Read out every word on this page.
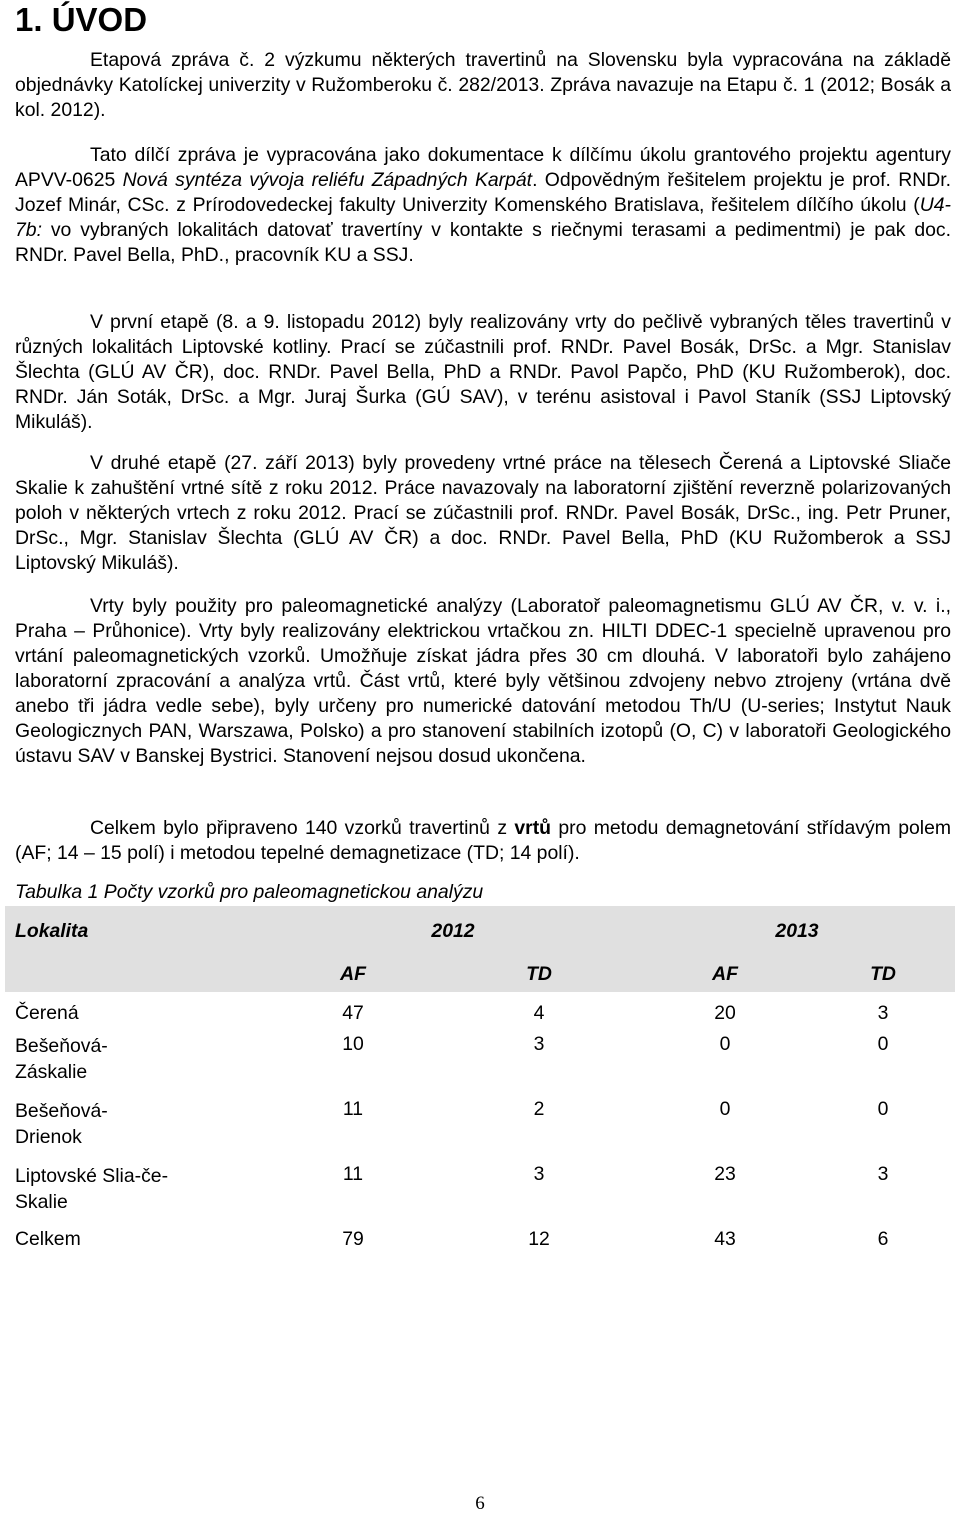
1. ÚVOD

Etapová zpráva č. 2 výzkumu některých travertinů na Slovensku byla vypracována na základě objednávky Katolíckej univerzity v Ružomberoku č. 282/2013. Zpráva navazuje na Etapu č. 1 (2012; Bosák a kol. 2012).

Tato dílčí zpráva je vypracována jako dokumentace k dílčímu úkolu grantového projektu agentury APVV-0625 Nová syntéza vývoja reliéfu Západných Karpát. Odpovědným řešitelem projektu je prof. RNDr. Jozef Minár, CSc. z Prírodovedeckej fakulty Univerzity Komenského Bratislava, řešitelem dílčího úkolu (U4-7b: vo vybraných lokalitách datovať travertíny v kontakte s riečnymi terasami a pedimentmi) je pak doc. RNDr. Pavel Bella, PhD., pracovník KU a SSJ.

V první etapě (8. a 9. listopadu 2012) byly realizovány vrty do pečlivě vybraných těles travertinů v různých lokalitách Liptovské kotliny. Prací se zúčastnili prof. RNDr. Pavel Bosák, DrSc. a Mgr. Stanislav Šlechta (GLÚ AV ČR), doc. RNDr. Pavel Bella, PhD a RNDr. Pavol Papčo, PhD (KU Ružomberok), doc. RNDr. Ján Soták, DrSc. a Mgr. Juraj Šurka (GÚ SAV), v terénu asistoval i Pavol Staník (SSJ Liptovský Mikuláš).

V druhé etapě (27. září 2013) byly provedeny vrtné práce na tělesech Čerená a Liptovské Sliače Skalie k zahuštění vrtné sítě z roku 2012. Práce navazovaly na laboratorní zjištění reverzně polarizovaných poloh v některých vrtech z roku 2012. Prací se zúčastnili prof. RNDr. Pavel Bosák, DrSc., ing. Petr Pruner, DrSc., Mgr. Stanislav Šlechta (GLÚ AV ČR) a doc. RNDr. Pavel Bella, PhD (KU Ružomberok a SSJ Liptovský Mikuláš).

Vrty byly použity pro paleomagnetické analýzy (Laboratoř paleomagnetismu GLÚ AV ČR, v. v. i., Praha – Průhonice). Vrty byly realizovány elektrickou vrtačkou zn. HILTI DDEC-1 specielně upravenou pro vrtání paleomagnetických vzorků. Umožňuje získat jádra přes 30 cm dlouhá. V laboratoři bylo zahájeno laboratorní zpracování a analýza vrtů. Část vrtů, které byly většinou zdvojeny nebvo ztrojeny (vrtána dvě anebo tři jádra vedle sebe), byly určeny pro numerické datování metodou Th/U (U-series; Instytut Nauk Geologicznych PAN, Warszawa, Polsko) a pro stanovení stabilních izotopů (O, C) v laboratoři Geologického ústavu SAV v Banskej Bystrici. Stanovení nejsou dosud ukončena.

Celkem bylo připraveno 140 vzorků travertinů z vrtů pro metodu demagnetování střídavým polem (AF; 14 – 15 polí) i metodou tepelné demagnetizace (TD; 14 polí).

Tabulka 1 Počty vzorků pro paleomagnetickou analýzu

Lokalita	2012		2013	
	AF	TD	AF	TD
Čerená	47	4	20	3
Bešeňová-Záskalie	10	3	0	0
Bešeňová-Drienok	11	2	0	0
Liptovské Slia-če-Skalie	11	3	23	3
Celkem	79	12	43	6
6
